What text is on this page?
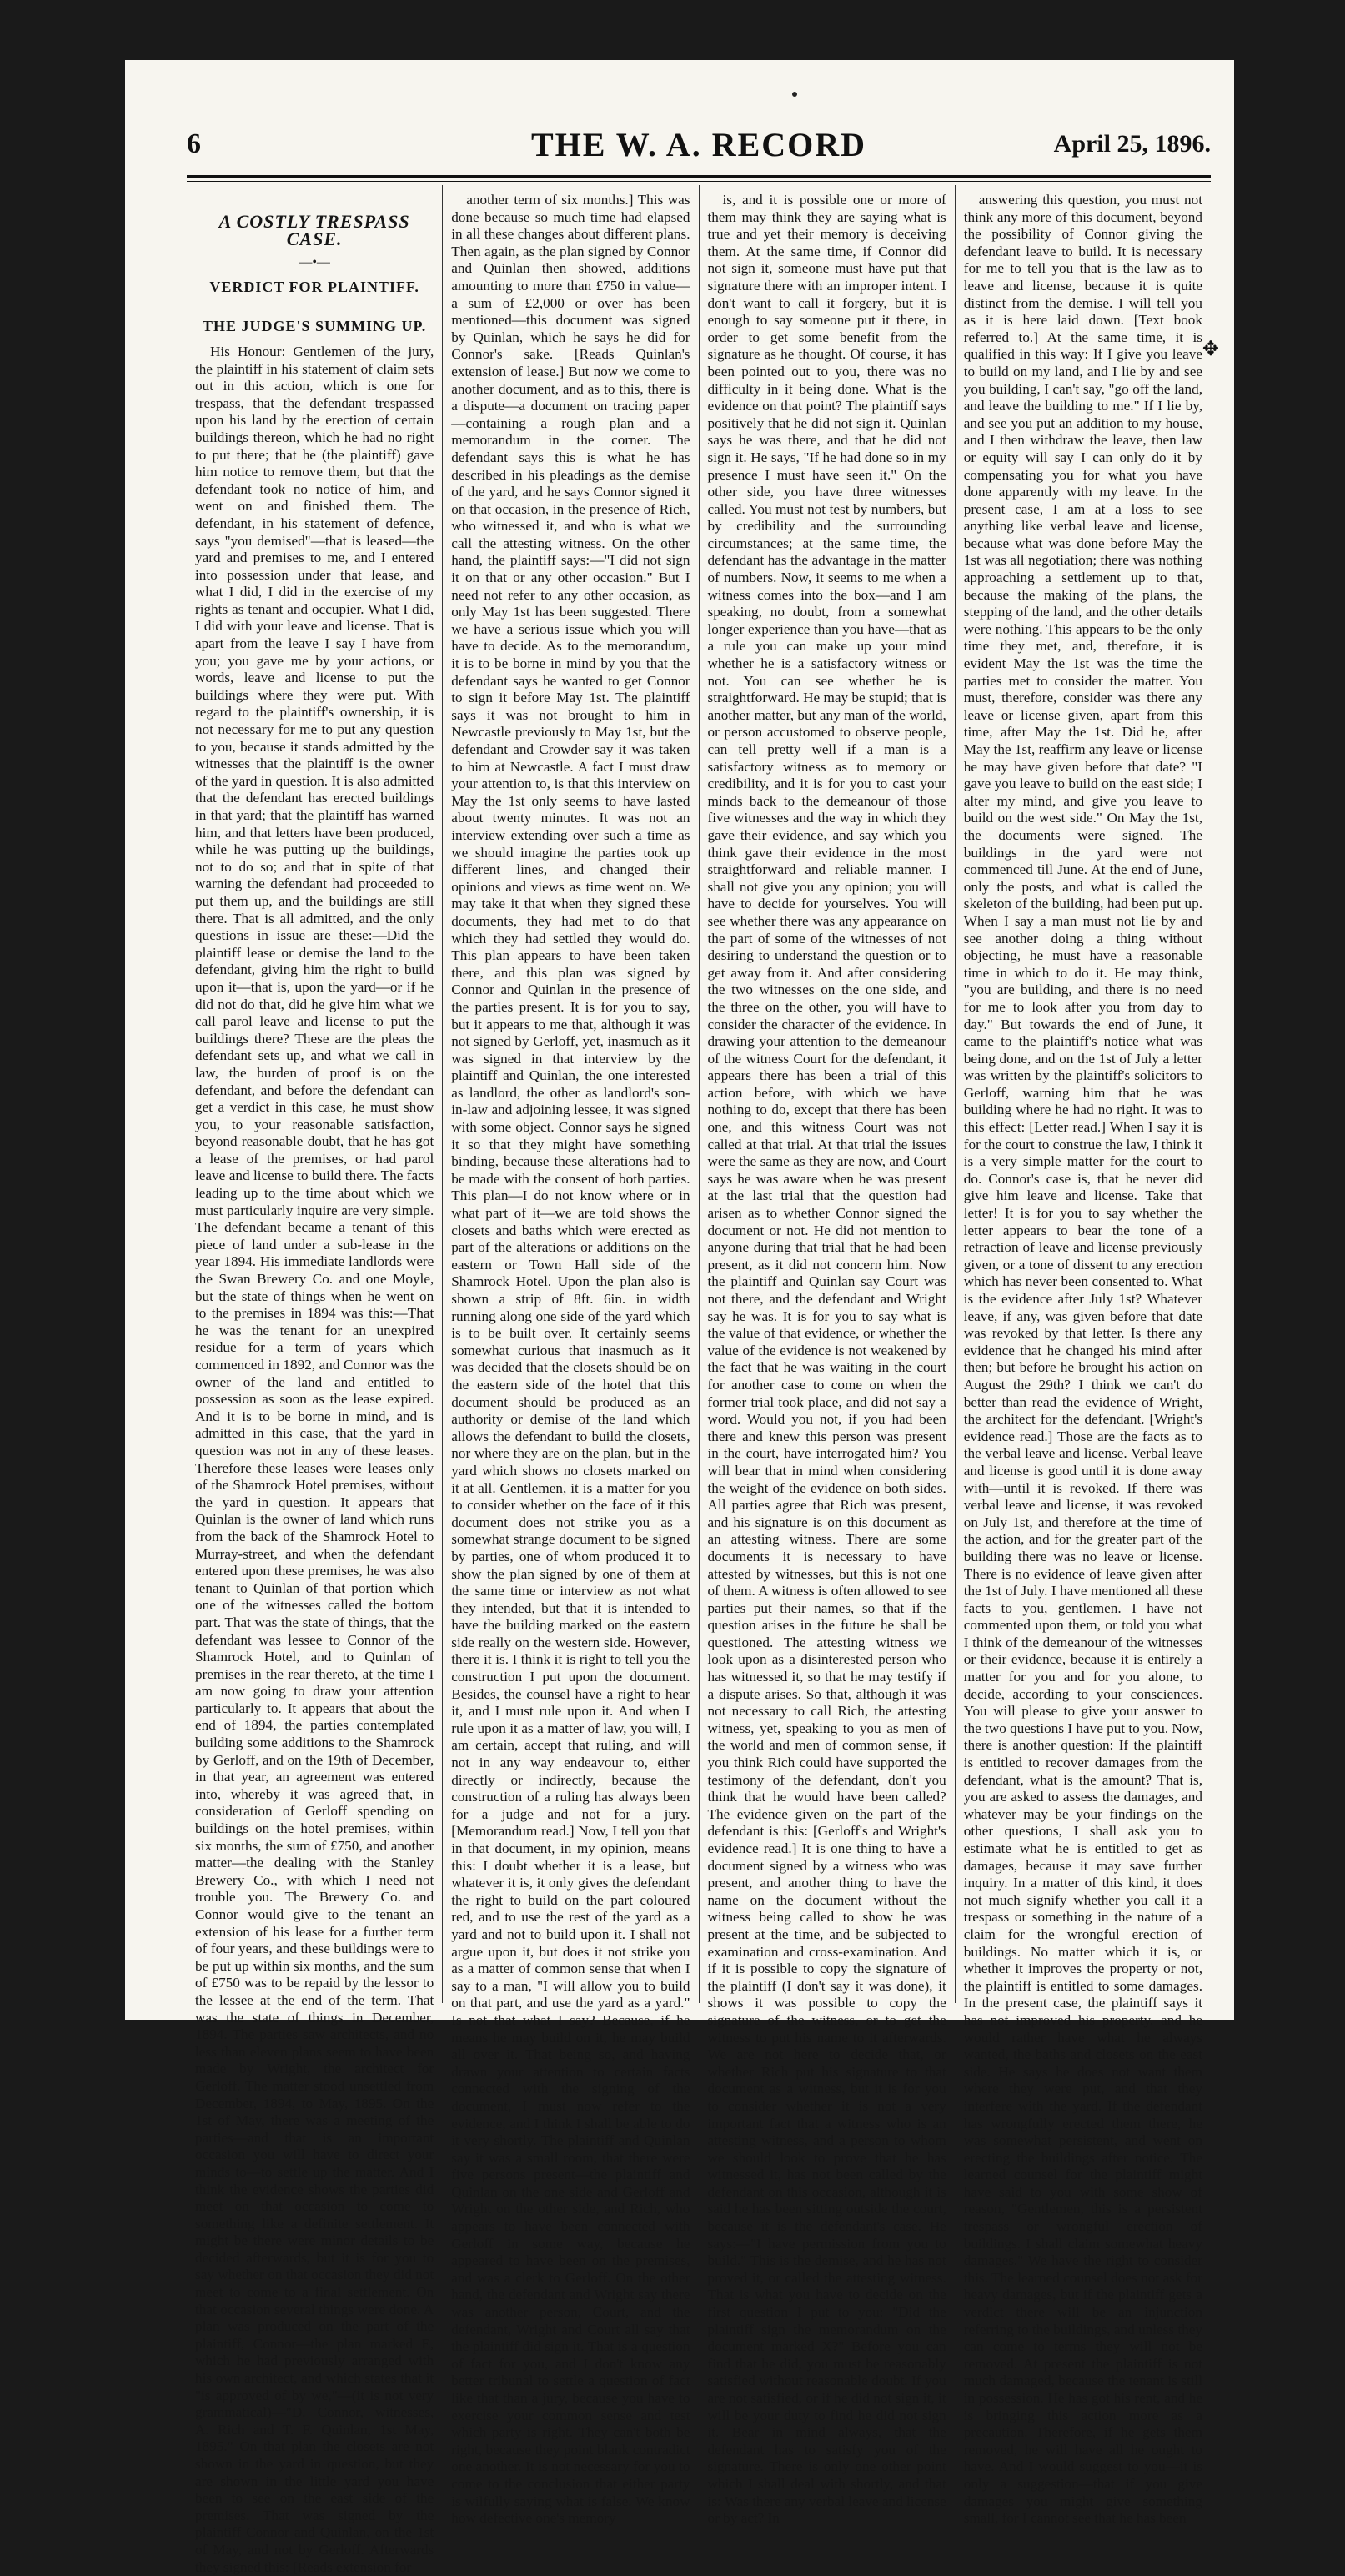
6	THE W. A. RECORD	April 25, 1896.
✥
A COSTLY TRESPASS CASE.
—•—
VERDICT FOR PLAINTIFF.
THE JUDGE'S SUMMING UP.

His Honour: Gentlemen of the jury, the plaintiff in his statement of claim sets out in this action, which is one for trespass, that the defendant trespassed upon his land by the erection of certain buildings thereon, which he had no right to put there; that he (the plaintiff) gave him notice to remove them, but that the defendant took no notice of him, and went on and finished them. The defendant, in his statement of defence, says "you demised"—that is leased—the yard and premises to me, and I entered into possession under that lease, and what I did, I did in the exercise of my rights as tenant and occupier. What I did, I did with your leave and license. That is apart from the leave I say I have from you; you gave me by your actions, or words, leave and license to put the buildings where they were put. With regard to the plaintiff's ownership, it is not necessary for me to put any question to you, because it stands admitted by the witnesses that the plaintiff is the owner of the yard in question. It is also admitted that the defendant has erected buildings in that yard; that the plaintiff has warned him, and that letters have been produced, while he was putting up the buildings, not to do so; and that in spite of that warning the defendant had proceeded to put them up, and the buildings are still there. That is all admitted, and the only questions in issue are these:—Did the plaintiff lease or demise the land to the defendant, giving him the right to build upon it—that is, upon the yard—or if he did not do that, did he give him what we call parol leave and license to put the buildings there? These are the pleas the defendant sets up, and what we call in law, the burden of proof is on the defendant, and before the defendant can get a verdict in this case, he must show you, to your reasonable satisfaction, beyond reasonable doubt, that he has got a lease of the premises, or had parol leave and license to build there. The facts leading up to the time about which we must particularly inquire are very simple. The defendant became a tenant of this piece of land under a sub-lease in the year 1894. His immediate landlords were the Swan Brewery Co. and one Moyle, but the state of things when he went on to the premises in 1894 was this:—That he was the tenant for an unexpired residue for a term of years which commenced in 1892, and Connor was the owner of the land and entitled to possession as soon as the lease expired. And it is to be borne in mind, and is admitted in this case, that the yard in question was not in any of these leases. Therefore these leases were leases only of the Shamrock Hotel premises, without the yard in question. It appears that Quinlan is the owner of land which runs from the back of the Shamrock Hotel to Murray-street, and when the defendant entered upon these premises, he was also tenant to Quinlan of that portion which one of the witnesses called the bottom part. That was the state of things, that the defendant was lessee to Connor of the Shamrock Hotel, and to Quinlan of premises in the rear thereto, at the time I am now going to draw your attention particularly to. It appears that about the end of 1894, the parties contemplated building some additions to the Shamrock by Gerloff, and on the 19th of December, in that year, an agreement was entered into, whereby it was agreed that, in consideration of Gerloff spending on buildings on the hotel premises, within six months, the sum of £750, and another matter—the dealing with the Stanley Brewery Co., with which I need not trouble you. The Brewery Co. and Connor would give to the tenant an extension of his lease for a further term of four years, and these buildings were to be put up within six months, and the sum of £750 was to be repaid by the lessor to the lessee at the end of the term. That was the state of things in December, 1894. The parties saw architects, and no less than eleven plans seem to have been made by Wright, the architect for Gerloff. The matter stood unsettled from December, 1894, to May, 1895. On the 1st of May, there was a meeting of the parties—and that is an important occasion you will have to direct your minds to—to settle up the matter. And I think the evidence shows the parties did meet on that occasion to come to something like a definite settlement. It might be there were minor details to be decided afterwards, but it is for you to say whether on that occasion they did not meet to come to a final settlement. On that occasion several things were done. A plan was produced on the part of the plaintiff, Connor—the plan marked E, which he had previously arranged with his own architect, and which states that it "is approved of by we,"—(it is not very grammatical)—"D. Connor, witnesses, A. Rich and T. F. Quinlan, 1st May, 1895." On that plan the closets are not shown in the yard in question, but they are shown in the little yard you have been to see on the east side of the premises. That was signed by the plaintiff Connor and Quinlan, on the 1st of May, and not by Gerloff. Afterwards they signed this: [Reads extension for

another term of six months.] This was done because so much time had elapsed in all these changes about different plans. Then again, as the plan signed by Connor and Quinlan then showed, additions amounting to more than £750 in value—a sum of £2,000 or over has been mentioned—this document was signed by Quinlan, which he says he did for Connor's sake. [Reads Quinlan's extension of lease.] But now we come to another document, and as to this, there is a dispute—a document on tracing paper—containing a rough plan and a memorandum in the corner. The defendant says this is what he has described in his pleadings as the demise of the yard, and he says Connor signed it on that occasion, in the presence of Rich, who witnessed it, and who is what we call the attesting witness. On the other hand, the plaintiff says:—"I did not sign it on that or any other occasion." But I need not refer to any other occasion, as only May 1st has been suggested. There we have a serious issue which you will have to decide. As to the memorandum, it is to be borne in mind by you that the defendant says he wanted to get Connor to sign it before May 1st. The plaintiff says it was not brought to him in Newcastle previously to May 1st, but the defendant and Crowder say it was taken to him at Newcastle. A fact I must draw your attention to, is that this interview on May the 1st only seems to have lasted about twenty minutes. It was not an interview extending over such a time as we should imagine the parties took up different lines, and changed their opinions and views as time went on. We may take it that when they signed these documents, they had met to do that which they had settled they would do. This plan appears to have been taken there, and this plan was signed by Connor and Quinlan in the presence of the parties present. It is for you to say, but it appears to me that, although it was not signed by Gerloff, yet, inasmuch as it was signed in that interview by the plaintiff and Quinlan, the one interested as landlord, the other as landlord's son-in-law and adjoining lessee, it was signed with some object. Connor says he signed it so that they might have something binding, because these alterations had to be made with the consent of both parties. This plan—I do not know where or in what part of it—we are told shows the closets and baths which were erected as part of the alterations or additions on the eastern or Town Hall side of the Shamrock Hotel. Upon the plan also is shown a strip of 8ft. 6in. in width running along one side of the yard which is to be built over. It certainly seems somewhat curious that inasmuch as it was decided that the closets should be on the eastern side of the hotel that this document should be produced as an authority or demise of the land which allows the defendant to build the closets, nor where they are on the plan, but in the yard which shows no closets marked on it at all. Gentlemen, it is a matter for you to consider whether on the face of it this document does not strike you as a somewhat strange document to be signed by parties, one of whom produced it to show the plan signed by one of them at the same time or interview as not what they intended, but that it is intended to have the building marked on the eastern side really on the western side. However, there it is. I think it is right to tell you the construction I put upon the document. Besides, the counsel have a right to hear it, and I must rule upon it. And when I rule upon it as a matter of law, you will, I am certain, accept that ruling, and will not in any way endeavour to, either directly or indirectly, because the construction of a ruling has always been for a judge and not for a jury. [Memorandum read.] Now, I tell you that in that document, in my opinion, means this: I doubt whether it is a lease, but whatever it is, it only gives the defendant the right to build on the part coloured red, and to use the rest of the yard as a yard and not to build upon it. I shall not argue upon it, but does it not strike you as a matter of common sense that when I say to a man, "I will allow you to build on that part, and use the yard as a yard." Is not that what I say? Because, if he means he may build on it, he may build all over it. That being so, and having drawn your attention to certain facts connected with the signing of the document, I must now refer to the evidence, and I think I shall be able to do it very shortly. The plaintiff and Quinlan say it was a small room, that there were five persons present—the plaintiff and Quinlan on the one side and Gerloff and Wright on the other side, and Rich, who appears to have been connected with Gerloff in some way, because he appeared to have been on the premises, and was a clerk to Gerloff. On the other hand, the defendant and Wright say there was another person, Court, and the defendant, Wright and Court all say that the plaintiff did sign it. That is a question of fact for you, and I don't know any better tribunal to settle a question of fact like that than a jury, because you have to exercise your common sense and test which party is right. They can't both be right, because they point blank contradict one another. It is not necessary for you to come to the conclusion that either party is wilfully saying what is false. We know how defective one's memory

is, and it is possible one or more of them may think they are saying what is true and yet their memory is deceiving them. At the same time, if Connor did not sign it, someone must have put that signature there with an improper intent. I don't want to call it forgery, but it is enough to say someone put it there, in order to get some benefit from the signature as he thought. Of course, it has been pointed out to you, there was no difficulty in it being done. What is the evidence on that point? The plaintiff says positively that he did not sign it. Quinlan says he was there, and that he did not sign it. He says, "If he had done so in my presence I must have seen it." On the other side, you have three witnesses called. You must not test by numbers, but by credibility and the surrounding circumstances; at the same time, the defendant has the advantage in the matter of numbers. Now, it seems to me when a witness comes into the box—and I am speaking, no doubt, from a somewhat longer experience than you have—that as a rule you can make up your mind whether he is a satisfactory witness or not. You can see whether he is straightforward. He may be stupid; that is another matter, but any man of the world, or person accustomed to observe people, can tell pretty well if a man is a satisfactory witness as to memory or credibility, and it is for you to cast your minds back to the demeanour of those five witnesses and the way in which they gave their evidence, and say which you think gave their evidence in the most straightforward and reliable manner. I shall not give you any opinion; you will have to decide for yourselves. You will see whether there was any appearance on the part of some of the witnesses of not desiring to understand the question or to get away from it. And after considering the two witnesses on the one side, and the three on the other, you will have to consider the character of the evidence. In drawing your attention to the demeanour of the witness Court for the defendant, it appears there has been a trial of this action before, with which we have nothing to do, except that there has been one, and this witness Court was not called at that trial. At that trial the issues were the same as they are now, and Court says he was aware when he was present at the last trial that the question had arisen as to whether Connor signed the document or not. He did not mention to anyone during that trial that he had been present, as it did not concern him. Now the plaintiff and Quinlan say Court was not there, and the defendant and Wright say he was. It is for you to say what is the value of that evidence, or whether the value of the evidence is not weakened by the fact that he was waiting in the court for another case to come on when the former trial took place, and did not say a word. Would you not, if you had been there and knew this person was present in the court, have interrogated him? You will bear that in mind when considering the weight of the evidence on both sides. All parties agree that Rich was present, and his signature is on this document as an attesting witness. There are some documents it is necessary to have attested by witnesses, but this is not one of them. A witness is often allowed to see parties put their names, so that if the question arises in the future he shall be questioned. The attesting witness we look upon as a disinterested person who has witnessed it, so that he may testify if a dispute arises. So that, although it was not necessary to call Rich, the attesting witness, yet, speaking to you as men of the world and men of common sense, if you think Rich could have supported the testimony of the defendant, don't you think that he would have been called? The evidence given on the part of the defendant is this: [Gerloff's and Wright's evidence read.] It is one thing to have a document signed by a witness who was present, and another thing to have the name on the document without the witness being called to show he was present at the time, and be subjected to examination and cross-examination. And if it is possible to copy the signature of the plaintiff (I don't say it was done), it shows it was possible to copy the signature of the witness, or to get the witness to put his name to it afterwards. We are not here to decide that, or whether Rich put his signature to that document as a witness, but it is for you to consider whether it is not a very important fact that a witness who is an attesting witness, and a person to whom we should look to prove that he has witnessed it, has not been called by the defendant on this occasion, although it is said he has been sitting outside the court, because it is the defendant's case. He says:—"I have permission from you to build." This is the demise, and he has not proved it, or called the attesting witness. That is what you have to decide on the first question I put to you: "Did the plaintiff sign the memorandum on the document marked X?" Before you can find that he did, you must be reasonably satisfied without reasonable doubt. If you are not satisfied, or if he did not sign it, it will be your duty to find he did not sign it. Bear in mind always, that the defendant has to satisfy you of the signature. There is only one other point which I shall deal with shortly, and that is: Was there any verbal leave and license or by act? In

answering this question, you must not think any more of this document, beyond the possibility of Connor giving the defendant leave to build. It is necessary for me to tell you that is the law as to leave and license, because it is quite distinct from the demise. I will tell you as it is here laid down. [Text book referred to.] At the same time, it is qualified in this way: If I give you leave to build on my land, and I lie by and see you building, I can't say, "go off the land, and leave the building to me." If I lie by, and see you put an addition to my house, and I then withdraw the leave, then law or equity will say I can only do it by compensating you for what you have done apparently with my leave. In the present case, I am at a loss to see anything like verbal leave and license, because what was done before May the 1st was all negotiation; there was nothing approaching a settlement up to that, because the making of the plans, the stepping of the land, and the other details were nothing. This appears to be the only time they met, and, therefore, it is evident May the 1st was the time the parties met to consider the matter. You must, therefore, consider was there any leave or license given, apart from this time, after May the 1st. Did he, after May the 1st, reaffirm any leave or license he may have given before that date? "I gave you leave to build on the east side; I alter my mind, and give you leave to build on the west side." On May the 1st, the documents were signed. The buildings in the yard were not commenced till June. At the end of June, only the posts, and what is called the skeleton of the building, had been put up. When I say a man must not lie by and see another doing a thing without objecting, he must have a reasonable time in which to do it. He may think, "you are building, and there is no need for me to look after you from day to day." But towards the end of June, it came to the plaintiff's notice what was being done, and on the 1st of July a letter was written by the plaintiff's solicitors to Gerloff, warning him that he was building where he had no right. It was to this effect: [Letter read.] When I say it is for the court to construe the law, I think it is a very simple matter for the court to do. Connor's case is, that he never did give him leave and license. Take that letter! It is for you to say whether the letter appears to bear the tone of a retraction of leave and license previously given, or a tone of dissent to any erection which has never been consented to. What is the evidence after July 1st? Whatever leave, if any, was given before that date was revoked by that letter. Is there any evidence that he changed his mind after then; but before he brought his action on August the 29th? I think we can't do better than read the evidence of Wright, the architect for the defendant. [Wright's evidence read.] Those are the facts as to the verbal leave and license. Verbal leave and license is good until it is done away with—until it is revoked. If there was verbal leave and license, it was revoked on July 1st, and therefore at the time of the action, and for the greater part of the building there was no leave or license. There is no evidence of leave given after the 1st of July. I have mentioned all these facts to you, gentlemen. I have not commented upon them, or told you what I think of the demeanour of the witnesses or their evidence, because it is entirely a matter for you and for you alone, to decide, according to your consciences. You will please to give your answer to the two questions I have put to you. Now, there is another question: If the plaintiff is entitled to recover damages from the defendant, what is the amount? That is, you are asked to assess the damages, and whatever may be your findings on the other questions, I shall ask you to estimate what he is entitled to get as damages, because it may save further inquiry. In a matter of this kind, it does not much signify whether you call it a trespass or something in the nature of a claim for the wrongful erection of buildings. No matter which it is, or whether it improves the property or not, the plaintiff is entitled to some damages. In the present case, the plaintiff says it has not improved his property, and he would rather have what he always wanted, the baths and closets on the east side. He says he does not want them where they were put, and that they interfere with the yard. If the defendant has wrongfully erected them there, he was somewhat persistent, and went on erecting the buildings after notice. The learned counsel for the plaintiff might have said to you with some show of reason, "Gentlemen, this is a persistent trespass or wrongful erection of buildings. I shall claim somewhat heavy damages." We have the right to consider this. The learned counsel does not ask for heavy damages, but if the plaintiff gets a verdict there will be an injunction referring to the buildings, and unless they can come to terms they will not be removed. At present the plaintiff is not much damaged, because the tenant is still in possession. He has got his rent, and he is bringing this action more as a precaution. Therefore, if he gets them removed, he will have all he ought to have. And I would suggest to you—it is only a suggestion—that if you give damages you might give something small, for I cannot see that he has been
